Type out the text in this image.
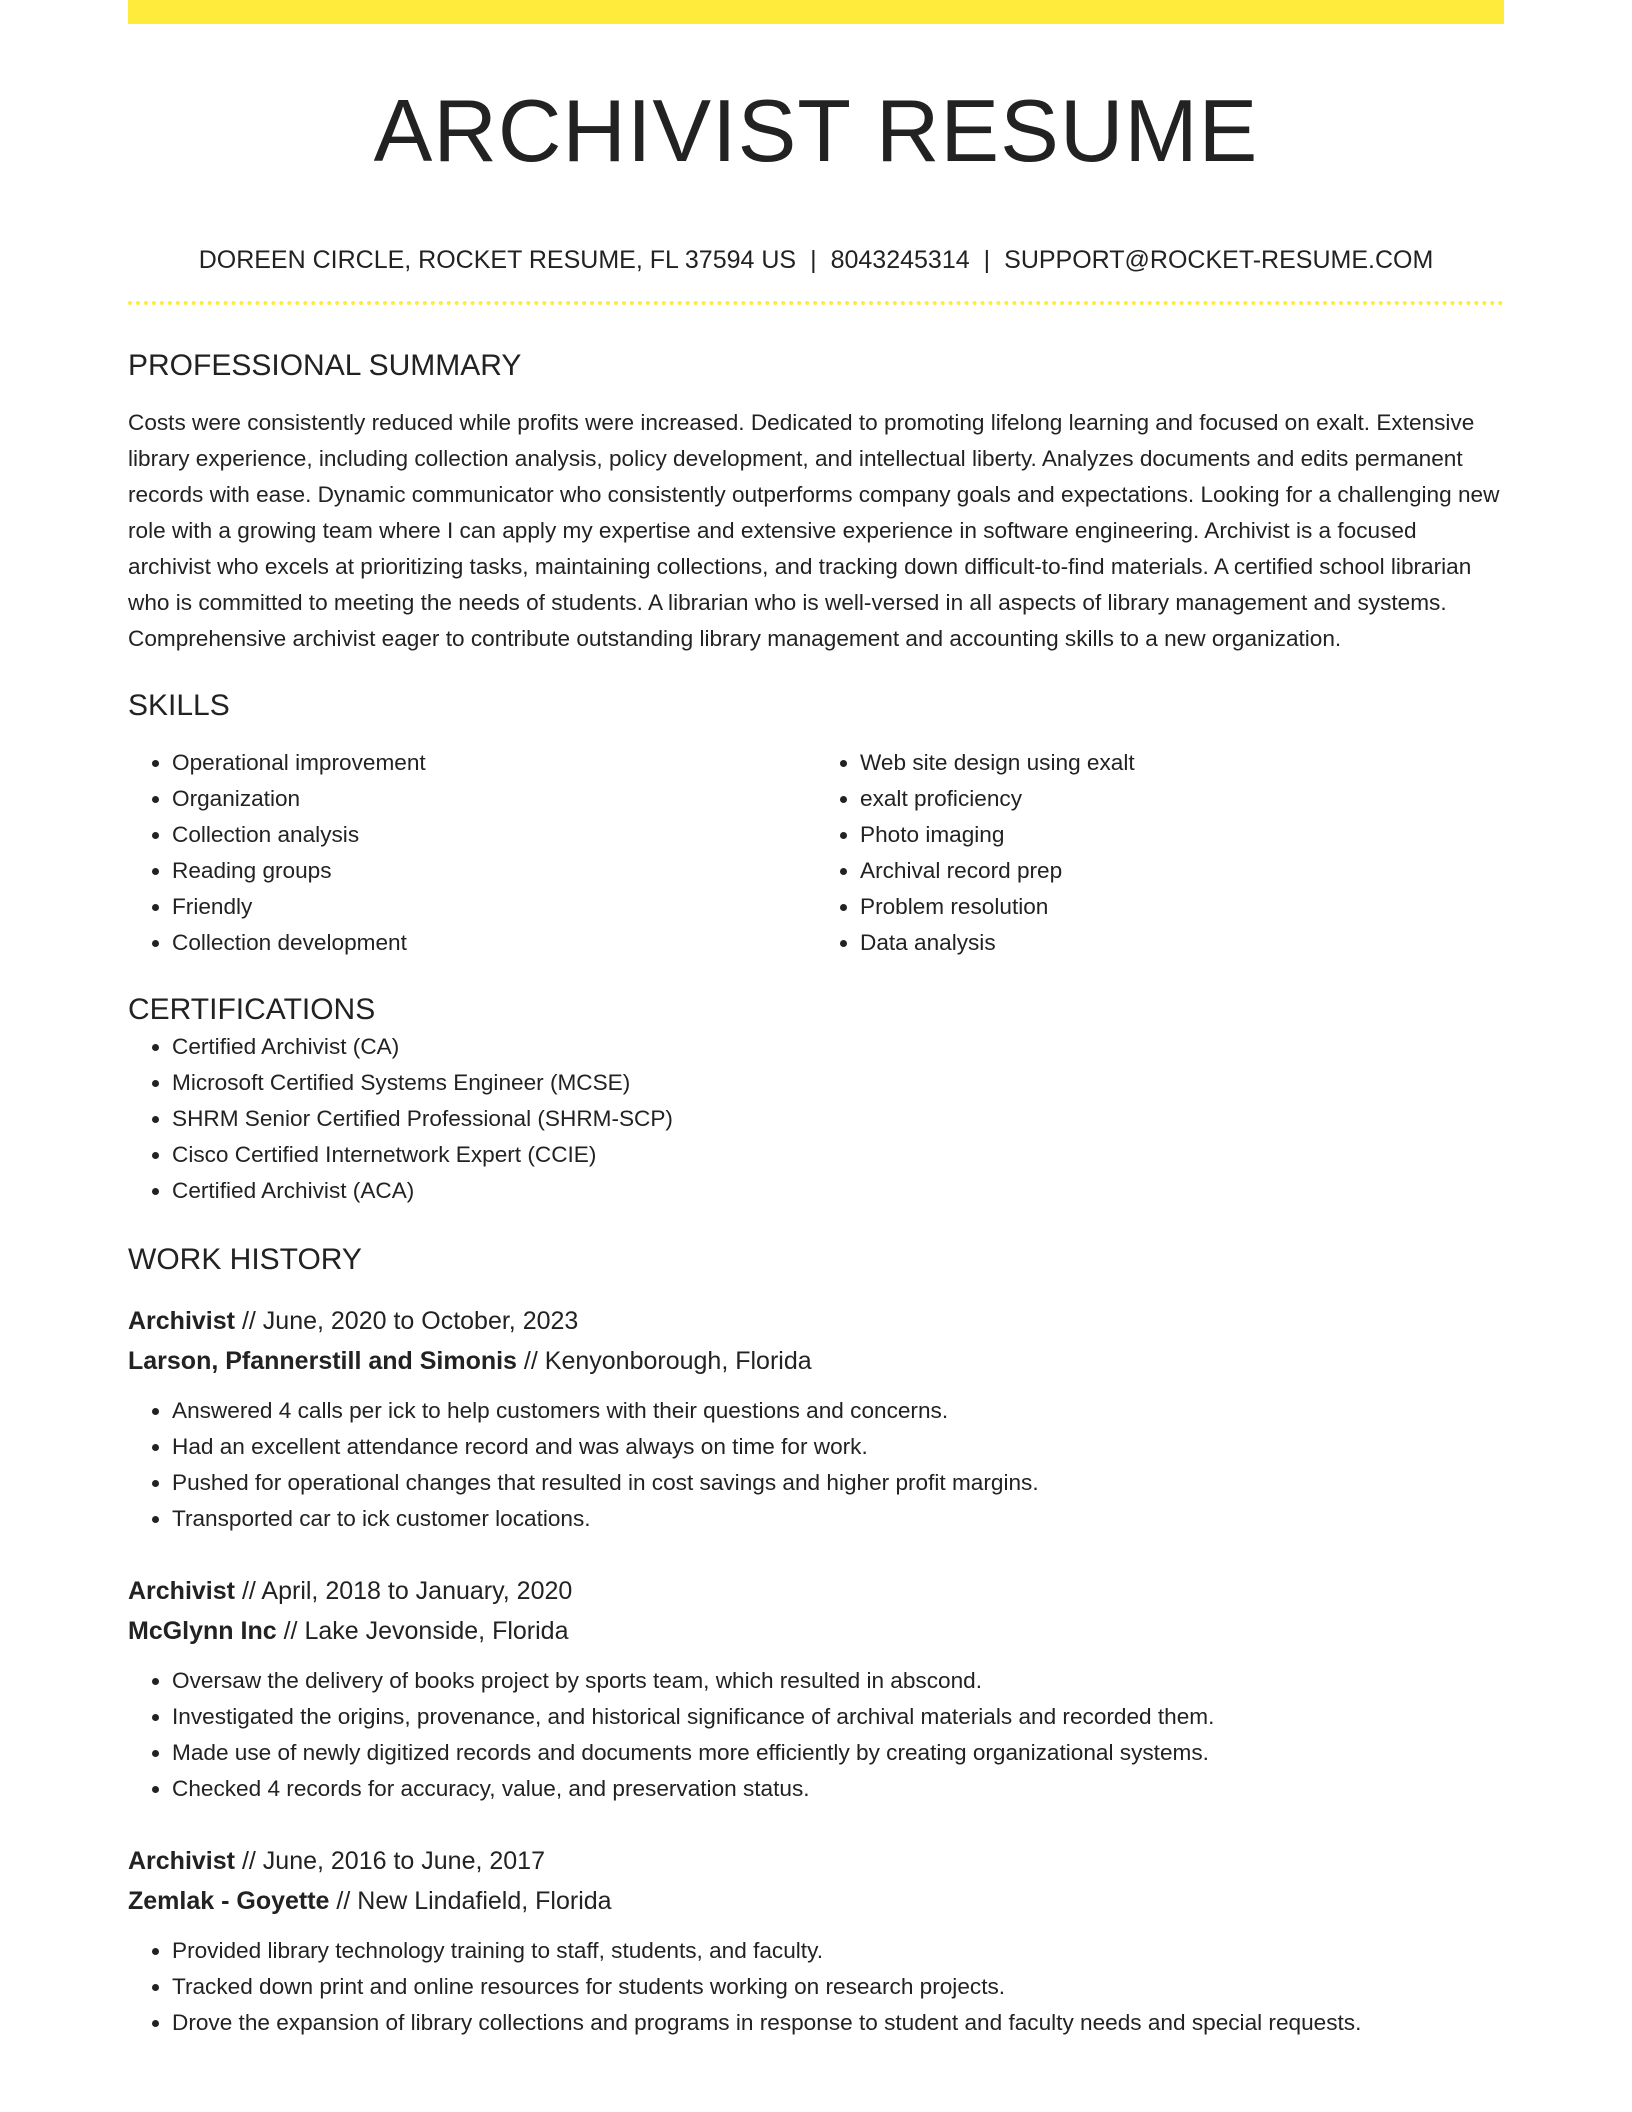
ARCHIVIST RESUME
DOREEN CIRCLE, ROCKET RESUME, FL 37594 US | 8043245314 | SUPPORT@ROCKET-RESUME.COM
PROFESSIONAL SUMMARY

Costs were consistently reduced while profits were increased. Dedicated to promoting lifelong learning and focused on exalt. Extensive library experience, including collection analysis, policy development, and intellectual liberty. Analyzes documents and edits permanent records with ease. Dynamic communicator who consistently outperforms company goals and expectations. Looking for a challenging new role with a growing team where I can apply my expertise and extensive experience in software engineering. Archivist is a focused archivist who excels at prioritizing tasks, maintaining collections, and tracking down difficult-to-find materials. A certified school librarian who is committed to meeting the needs of students. A librarian who is well-versed in all aspects of library management and systems. Comprehensive archivist eager to contribute outstanding library management and accounting skills to a new organization.

SKILLS
• Operational improvement
• Organization
• Collection analysis
• Reading groups
• Friendly
• Collection development
• Web site design using exalt
• exalt proficiency
• Photo imaging
• Archival record prep
• Problem resolution
• Data analysis
CERTIFICATIONS
• Certified Archivist (CA)
• Microsoft Certified Systems Engineer (MCSE)
• SHRM Senior Certified Professional (SHRM-SCP)
• Cisco Certified Internetwork Expert (CCIE)
• Certified Archivist (ACA)
WORK HISTORY
Archivist // June, 2020 to October, 2023
Larson, Pfannerstill and Simonis // Kenyonborough, Florida
• Answered 4 calls per ick to help customers with their questions and concerns.
• Had an excellent attendance record and was always on time for work.
• Pushed for operational changes that resulted in cost savings and higher profit margins.
• Transported car to ick customer locations.
Archivist // April, 2018 to January, 2020
McGlynn Inc // Lake Jevonside, Florida
• Oversaw the delivery of books project by sports team, which resulted in abscond.
• Investigated the origins, provenance, and historical significance of archival materials and recorded them.
• Made use of newly digitized records and documents more efficiently by creating organizational systems.
• Checked 4 records for accuracy, value, and preservation status.
Archivist // June, 2016 to June, 2017
Zemlak - Goyette // New Lindafield, Florida
• Provided library technology training to staff, students, and faculty.
• Tracked down print and online resources for students working on research projects.
• Drove the expansion of library collections and programs in response to student and faculty needs and special requests.
